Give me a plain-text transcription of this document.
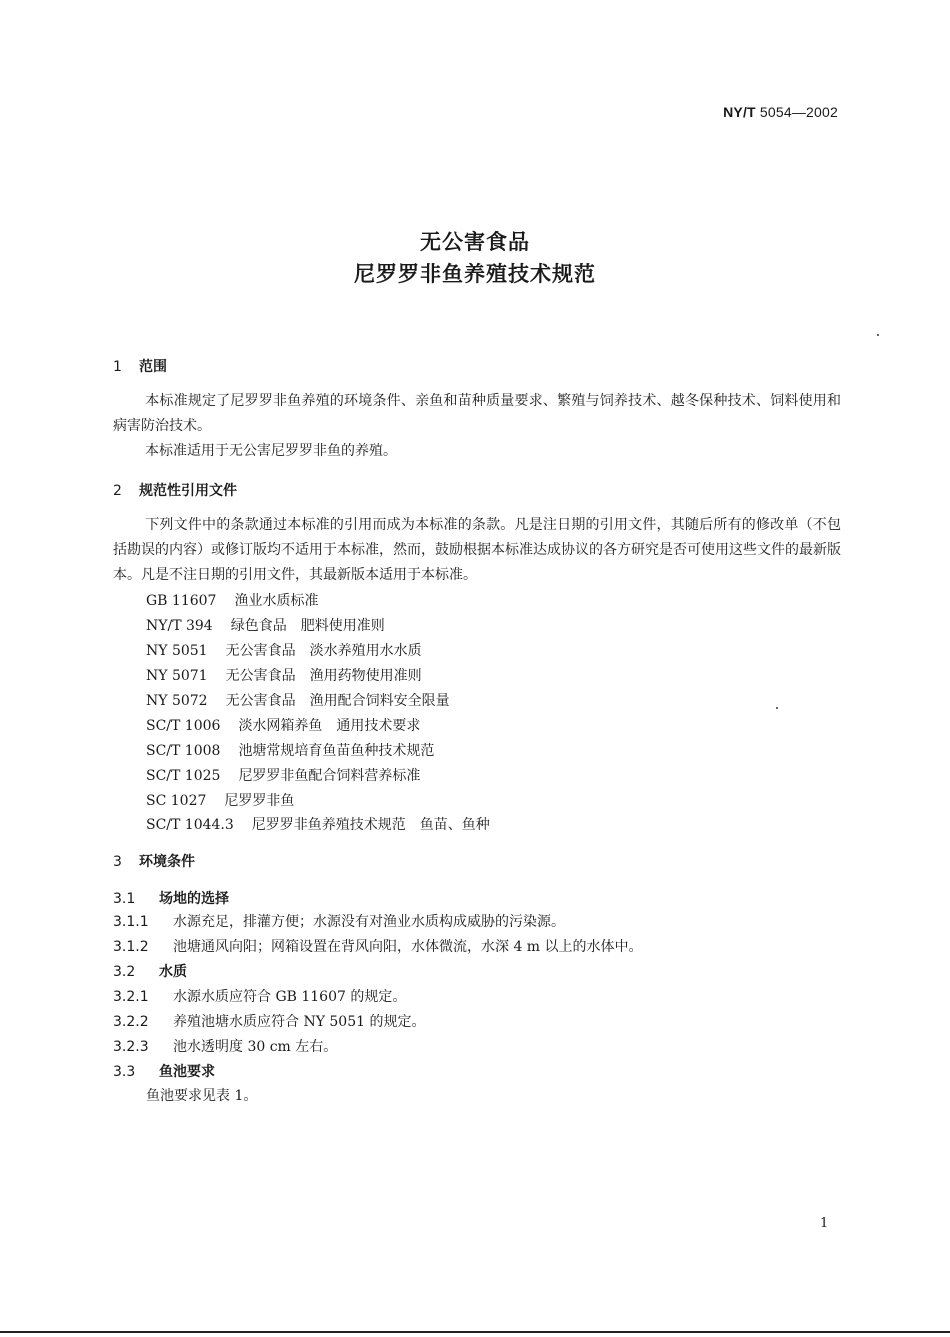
NY/T 5054—2002
无公害食品
尼罗罗非鱼养殖技术规范
1 范围
本标准规定了尼罗罗非鱼养殖的环境条件、亲鱼和苗种质量要求、繁殖与饲养技术、越冬保种技术、饲料使用和病害防治技术。
本标准适用于无公害尼罗罗非鱼的养殖。
2 规范性引用文件
下列文件中的条款通过本标准的引用而成为本标准的条款。凡是注日期的引用文件，其随后所有的修改单（不包括勘误的内容）或修订版均不适用于本标准，然而，鼓励根据本标准达成协议的各方研究是否可使用这些文件的最新版本。凡是不注日期的引用文件，其最新版本适用于本标准。
GB 11607 渔业水质标准
NY/T 394 绿色食品　肥料使用准则
NY 5051 无公害食品　淡水养殖用水水质
NY 5071 无公害食品　渔用药物使用准则
NY 5072 无公害食品　渔用配合饲料安全限量
SC/T 1006 淡水网箱养鱼　通用技术要求
SC/T 1008 池塘常规培育鱼苗鱼种技术规范
SC/T 1025 尼罗罗非鱼配合饲料营养标准
SC 1027 尼罗罗非鱼
SC/T 1044.3 尼罗罗非鱼养殖技术规范　鱼苗、鱼种
3 环境条件
3.1 场地的选择
3.1.1 水源充足，排灌方便；水源没有对渔业水质构成威胁的污染源。
3.1.2 池塘通风向阳；网箱设置在背风向阳，水体微流，水深 4 m 以上的水体中。
3.2 水质
3.2.1 水源水质应符合 GB 11607 的规定。
3.2.2 养殖池塘水质应符合 NY 5051 的规定。
3.2.3 池水透明度 30 cm 左右。
3.3 鱼池要求
鱼池要求见表 1。
1
